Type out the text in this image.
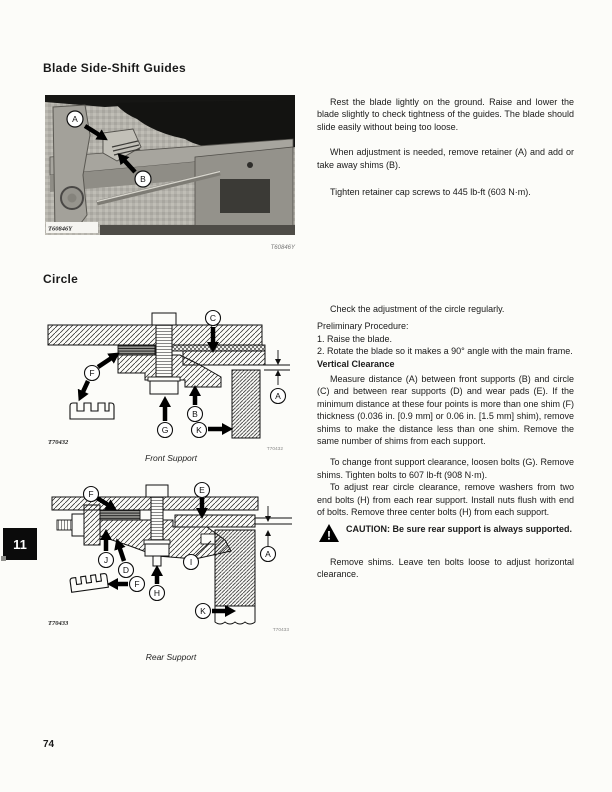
Blade Side-Shift Guides
A
B
T60846Y
T60846Y

Rest the blade lightly on the ground. Raise and lower the blade slightly to check tightness of the guides. The blade should slide easily without being too loose.

When adjustment is needed, remove retainer (A) and add or take away shims (B).

Tighten retainer cap screws to 445 lb-ft (603 N·m).

Circle

Check the adjustment of the circle regularly.

Preliminary Procedure:

1. Raise the blade.

2. Rotate the blade so it makes a 90° angle with the main frame.

Vertical Clearance

Measure distance (A) between front supports (B) and circle (C) and between rear supports (D) and wear pads (E). If the minimum distance at these four points is more than one shim (F) thickness (0.036 in. [0.9 mm] or 0.06 in. [1.5 mm] shim), remove shims to make the distance less than one shim. Remove the same number of shims from each support.

To change front support clearance, loosen bolts (G). Remove shims. Tighten bolts to 607 lb-ft (908 N·m).

To adjust rear circle clearance, remove washers from two end bolts (H) from each rear support. Install nuts flush with end of bolts. Remove three center bolts (H) from each support.

! CAUTION: Be sure rear support is always supported.

Remove shims. Leave ten bolts loose to adjust horizontal clearance.

C
F
A
B
G	K
T70432
T70432
Front Support
F	E
A
J
D
I
H
F
K
T70433
T70433
Rear Support
11
74
